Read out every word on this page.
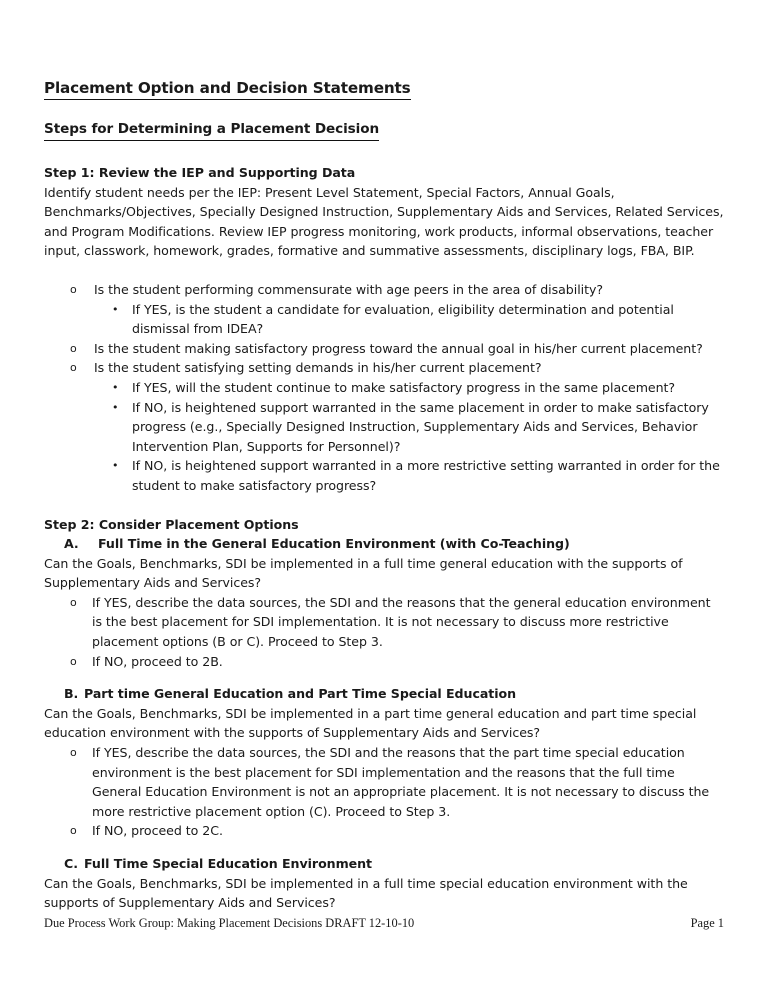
Placement Option and Decision Statements
Steps for Determining a Placement Decision
Step 1: Review the IEP and Supporting Data

Identify student needs per the IEP: Present Level Statement, Special Factors, Annual Goals, Benchmarks/Objectives, Specially Designed Instruction, Supplementary Aids and Services, Related Services, and Program Modifications. Review IEP progress monitoring, work products, informal observations, teacher input, classwork, homework, grades, formative and summative assessments, disciplinary logs, FBA, BIP.

o Is the student performing commensurate with age peers in the area of disability?
• If YES, is the student a candidate for evaluation, eligibility determination and potential dismissal from IDEA?
o Is the student making satisfactory progress toward the annual goal in his/her current placement?
o Is the student satisfying setting demands in his/her current placement?
• If YES, will the student continue to make satisfactory progress in the same placement?
• If NO, is heightened support warranted in the same placement in order to make satisfactory progress (e.g., Specially Designed Instruction, Supplementary Aids and Services, Behavior Intervention Plan, Supports for Personnel)?
• If NO, is heightened support warranted in a more restrictive setting warranted in order for the student to make satisfactory progress?
Step 2: Consider Placement Options
A. Full Time in the General Education Environment (with Co-Teaching)

Can the Goals, Benchmarks, SDI be implemented in a full time general education with the supports of Supplementary Aids and Services?

o If YES, describe the data sources, the SDI and the reasons that the general education environment is the best placement for SDI implementation. It is not necessary to discuss more restrictive placement options (B or C). Proceed to Step 3.
o If NO, proceed to 2B.
B. Part time General Education and Part Time Special Education

Can the Goals, Benchmarks, SDI be implemented in a part time general education and part time special education environment with the supports of Supplementary Aids and Services?

o If YES, describe the data sources, the SDI and the reasons that the part time special education environment is the best placement for SDI implementation and the reasons that the full time General Education Environment is not an appropriate placement. It is not necessary to discuss the more restrictive placement option (C). Proceed to Step 3.
o If NO, proceed to 2C.
C. Full Time Special Education Environment

Can the Goals, Benchmarks, SDI be implemented in a full time special education environment with the supports of Supplementary Aids and Services?

Due Process Work Group: Making Placement Decisions DRAFT 12-10-10	Page 1
